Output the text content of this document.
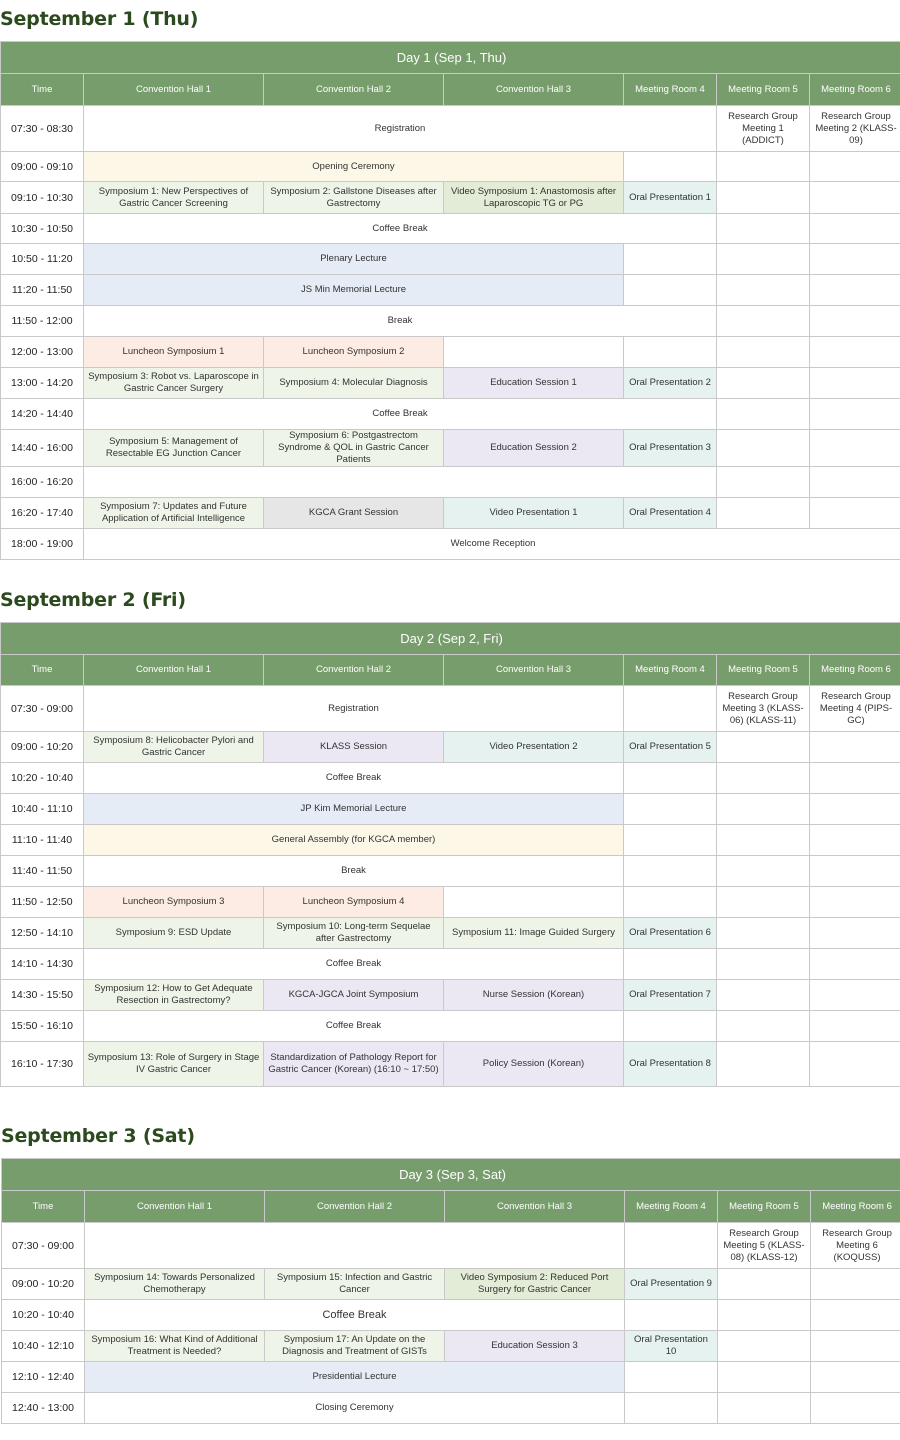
September 1 (Thu)
Day 1 (Sep 1, Thu)						
Time	Convention Hall 1	Convention Hall 2	Convention Hall 3	Meeting Room 4	Meeting Room 5	Meeting Room 6
07:30 - 08:30	Registration				Research Group Meeting 1 (ADDICT)	Research Group Meeting 2 (KLASS-09)
09:00 - 09:10	Opening Ceremony					
09:10 - 10:30	Symposium 1: New Perspectives of Gastric Cancer Screening	Symposium 2: Gallstone Diseases after Gastrectomy	Video Symposium 1: Anastomosis after Laparoscopic TG or PG	Oral Presentation 1		
10:30 - 10:50	Coffee Break					
10:50 - 11:20	Plenary Lecture					
11:20 - 11:50	JS Min Memorial Lecture					
11:50 - 12:00	Break					
12:00 - 13:00	Luncheon Symposium 1	Luncheon Symposium 2				
13:00 - 14:20	Symposium 3: Robot vs. Laparoscope in Gastric Cancer Surgery	Symposium 4: Molecular Diagnosis	Education Session 1	Oral Presentation 2		
14:20 - 14:40	Coffee Break					
14:40 - 16:00	Symposium 5: Management of Resectable EG Junction Cancer	Symposium 6: Postgastrectom Syndrome & QOL in Gastric Cancer Patients	Education Session 2	Oral Presentation 3		
16:00 - 16:20						
16:20 - 17:40	Symposium 7: Updates and Future Application of Artificial Intelligence	KGCA Grant Session	Video Presentation 1	Oral Presentation 4		
18:00 - 19:00	Welcome Reception					
September 2 (Fri)
Day 2 (Sep 2, Fri)						
Time	Convention Hall 1	Convention Hall 2	Convention Hall 3	Meeting Room 4	Meeting Room 5	Meeting Room 6
07:30 - 09:00	Registration				Research Group Meeting 3 (KLASS-06) (KLASS-11)	Research Group Meeting 4 (PIPS-GC)
09:00 - 10:20	Symposium 8: Helicobacter Pylori and Gastric Cancer	KLASS Session	Video Presentation 2	Oral Presentation 5		
10:20 - 10:40	Coffee Break					
10:40 - 11:10	JP Kim Memorial Lecture					
11:10 - 11:40	General Assembly (for KGCA member)					
11:40 - 11:50	Break					
11:50 - 12:50	Luncheon Symposium 3	Luncheon Symposium 4				
12:50 - 14:10	Symposium 9: ESD Update	Symposium 10: Long-term Sequelae after Gastrectomy	Symposium 11: Image Guided Surgery	Oral Presentation 6		
14:10 - 14:30	Coffee Break					
14:30 - 15:50	Symposium 12: How to Get Adequate Resection in Gastrectomy?	KGCA-JGCA Joint Symposium	Nurse Session (Korean)	Oral Presentation 7		
15:50 - 16:10	Coffee Break					
16:10 - 17:30	Symposium 13: Role of Surgery in Stage IV Gastric Cancer	Standardization of Pathology Report for Gastric Cancer (Korean) (16:10 ~ 17:50)	Policy Session (Korean)	Oral Presentation 8		
September 3 (Sat)
Day 3 (Sep 3, Sat)						
Time	Convention Hall 1	Convention Hall 2	Convention Hall 3	Meeting Room 4	Meeting Room 5	Meeting Room 6
07:30 - 09:00					Research Group Meeting 5 (KLASS-08) (KLASS-12)	Research Group Meeting 6 (KOQUSS)
09:00 - 10:20	Symposium 14: Towards Personalized Chemotherapy	Symposium 15: Infection and Gastric Cancer	Video Symposium 2: Reduced Port Surgery for Gastric Cancer	Oral Presentation 9		
10:20 - 10:40	Coffee Break					
10:40 - 12:10	Symposium 16: What Kind of Additional Treatment is Needed?	Symposium 17: An Update on the Diagnosis and Treatment of GISTs	Education Session 3	Oral Presentation 10		
12:10 - 12:40	Presidential Lecture					
12:40 - 13:00	Closing Ceremony					
